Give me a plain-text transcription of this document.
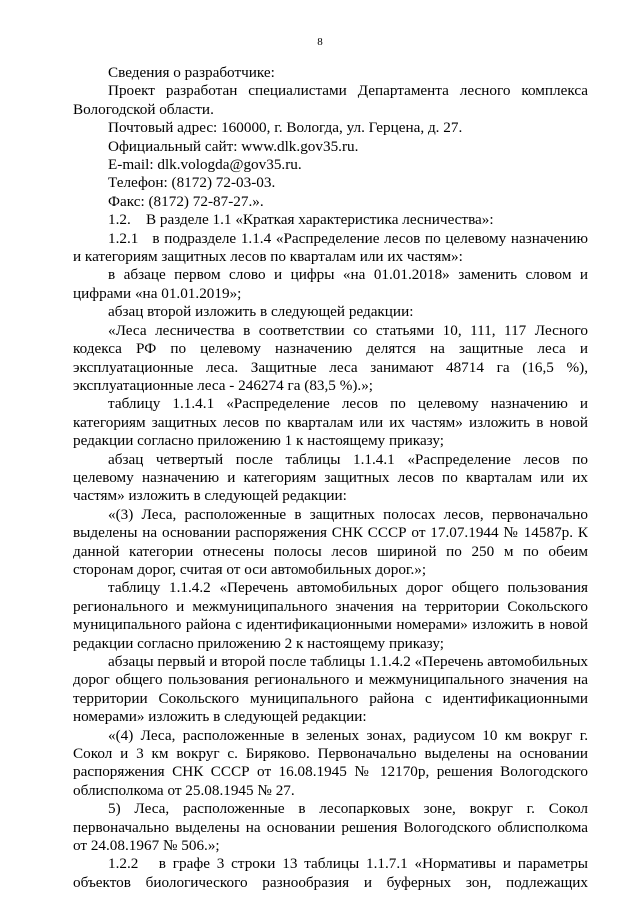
8

Сведения о разработчике:

Проект разработан специалистами Департамента лесного комплекса Вологодской области.

Почтовый адрес: 160000, г. Вологда, ул. Герцена, д. 27.

Официальный сайт: www.dlk.gov35.ru.

E-mail: dlk.vologda@gov35.ru.

Телефон: (8172) 72-03-03.

Факс: (8172) 72-87-27.».

1.2.    В разделе 1.1 «Краткая характеристика лесничества»:

1.2.1   в подразделе 1.1.4 «Распределение лесов по целевому назначению и категориям защитных лесов по кварталам или их частям»:

в абзаце первом слово и цифры «на 01.01.2018» заменить словом и цифрами «на 01.01.2019»;

абзац второй изложить в следующей редакции:

«Леса лесничества в соответствии со статьями 10, 111, 117 Лесного кодекса РФ по целевому назначению делятся на защитные леса и эксплуатационные леса. Защитные леса занимают 48714 га (16,5 %), эксплуатационные леса - 246274 га (83,5 %).»;

таблицу 1.1.4.1 «Распределение лесов по целевому назначению и категориям защитных лесов по кварталам или их частям» изложить в новой редакции согласно приложению 1 к настоящему приказу;

абзац четвертый после таблицы 1.1.4.1 «Распределение лесов по целевому назначению и категориям защитных лесов по кварталам или их частям» изложить в следующей редакции:

«(3) Леса, расположенные в защитных полосах лесов, первоначально выделены на основании распоряжения СНК СССР от 17.07.1944 № 14587р. К данной категории отнесены полосы лесов шириной по 250 м по обеим сторонам дорог, считая от оси автомобильных дорог.»;

таблицу 1.1.4.2 «Перечень автомобильных дорог общего пользования регионального и межмуниципального значения на территории Сокольского муниципального района с идентификационными номерами» изложить в новой редакции согласно приложению 2 к настоящему приказу;

абзацы первый и второй после таблицы 1.1.4.2 «Перечень автомобильных дорог общего пользования регионального и межмуниципального значения на территории Сокольского муниципального района с идентификационными номерами» изложить в следующей редакции:

«(4) Леса, расположенные в зеленых зонах, радиусом 10 км вокруг г. Сокол и 3 км вокруг с. Биряково. Первоначально выделены на основании распоряжения СНК СССР от 16.08.1945 № 12170р, решения Вологодского облисполкома от 25.08.1945 № 27.

5) Леса, расположенные в лесопарковых зоне, вокруг г. Сокол первоначально выделены на основании решения Вологодского облисполкома от 24.08.1967 № 506.»;

1.2.2   в графе 3 строки 13 таблицы 1.1.7.1 «Нормативы и параметры объектов биологического разнообразия и буферных зон, подлежащих
